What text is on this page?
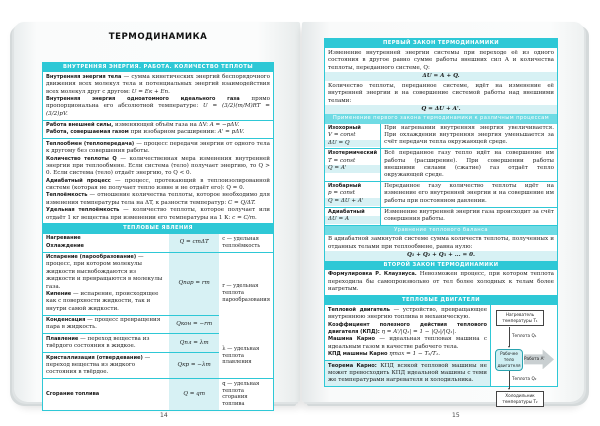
ТЕРМОДИНАМИКА
ВНУТРЕННЯЯ ЭНЕРГИЯ. РАБОТА. КОЛИЧЕСТВО ТЕПЛОТЫ
Внутренняя энергия тела — сумма кинетических энергий беспорядочного движения всех молекул тела и потенциальных энергий взаимодействия всех молекул друг с другом: U = Eк + Eп.
Внутренняя энергия одноатомного идеального газа прямо пропорциональна его абсолютной температуре: U = (3/2)(m/M)RT = (3/2)pV.
Работа внешней силы, изменяющей объём газа на ΔV: A = −pΔV.
Работа, совершаемая газом при изобарном расширении: A' = pΔV.
Теплообмен (теплопередача) — процесс передачи энергии от одного тела к другому без совершения работы.
Количество теплоты Q — количественная мера изменения внутренней энергии при теплообмене. Если система (тело) получает энергию, то Q > 0. Если система (тело) отдаёт энергию, то Q < 0.
Адиабатный процесс — процесс, протекающий в теплоизолированной системе (которая не получает тепло извне и не отдаёт его): Q = 0.
Теплоёмкость — отношение количества теплоты, которое необходимо для изменения температуры тела на ΔT, к разности температур: C = Q/ΔT.
Удельная теплоёмкость — количество теплоты, которое получает или отдаёт 1 кг вещества при изменении его температуры на 1 К: c = C/m.
ТЕПЛОВЫЕ ЯВЛЕНИЯ
Нагревание
Охлаждение	Q = cmΔT	c — удельная теплоёмкость
Испарение (парообразование) — процесс, при котором молекулы жидкости высвобождаются из жидкости и превращаются в молекулы газа.
Кипение — испарение, происходящее как с поверхности жидкости, так и внутри самой жидкости.	Qпар = rm	r — удельная теплота парообразования
Конденсация — процесс превращения пара в жидкость.	Qкон = −rm	
Плавление — переход вещества из твёрдого состояния в жидкое.	Qпл = λm	λ — удельная теплота плавления
Кристаллизация (отвердевание) — переход вещества из жидкого состояния в твёрдое.	Qкр = −λm	
Сгорание топлива	Q = qm	q — удельная теплота сгорания топлива
ПЕРВЫЙ ЗАКОН ТЕРМОДИНАМИКИ
Изменение внутренней энергии системы при переходе её из одного состояния в другое равно сумме работы внешних сил A и количества теплоты, переданного системе, Q:
ΔU = A + Q.
Количество теплоты, переданное системе, идёт на изменение её внутренней энергии и на совершение системой работы над внешними телами:
Q = ΔU + A'.
Применение первого закона термодинамики к различным процессам
Изохорный
V = const
ΔU = Q	При нагревании внутренняя энергия увеличивается. При охлаждении внутренняя энергия уменьшается за счёт передачи тепла окружающей среде.
Изотермический
T = const
Q = A'	Всё переданное газу тепло идёт на совершение им работы (расширение). При совершении работы внешними силами (сжатие) газ отдаёт тепло окружающей среде.
Изобарный
p = const
Q = ΔU + A'	Переданное газу количество теплоты идёт на изменение его внутренней энергии и на совершение им работы при постоянном давлении.
Адиабатный
ΔU = A	Изменение внутренней энергии газа происходит за счёт совершения работы.
Уравнение теплового баланса
В адиабатной замкнутой системе сумма количеств теплоты, полученных и отданных телами при теплообмене, равна нулю:
Q₁ + Q₂ + Q₃ + ... = 0.
ВТОРОЙ ЗАКОН ТЕРМОДИНАМИКИ
Формулировка Р. Клаузиуса. Невозможен процесс, при котором теплота переходила бы самопроизвольно от тел более холодных к телам более нагретым.
ТЕПЛОВЫЕ ДВИГАТЕЛИ
Тепловой двигатель — устройство, превращающее внутреннюю энергию топлива в механическую.
Коэффициент полезного действия теплового двигателя (КПД): η = A'/|Q₁| = 1 − |Q₂|/|Q₁|.
Машина Карно — идеальная тепловая машина с идеальным газом в качестве рабочего тела.
КПД машины Карно ηmax = 1 − T₂/T₁.
Теорема Карно: КПД всякой тепловой машины не может превосходить КПД идеальной машины с теми же температурами нагревателя и холодильника.
Нагреватель температуры T₁
Теплота Q₁
Рабочее тело двигателя
Работа A'
Теплота Q₂
Холодильник температуры T₂
14	15
